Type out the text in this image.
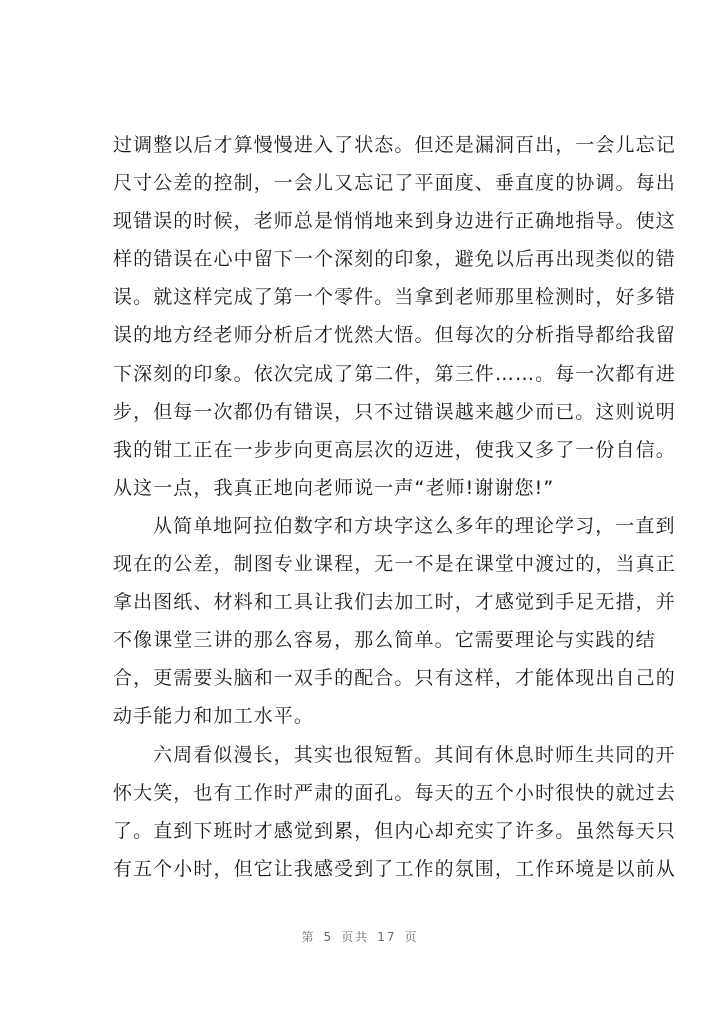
过调整以后才算慢慢进入了状态。但还是漏洞百出，一会儿忘记
尺寸公差的控制，一会儿又忘记了平面度、垂直度的协调。每出
现错误的时候，老师总是悄悄地来到身边进行正确地指导。使这
样的错误在心中留下一个深刻的印象，避免以后再出现类似的错
误。就这样完成了第一个零件。当拿到老师那里检测时，好多错
误的地方经老师分析后才恍然大悟。但每次的分析指导都给我留
下深刻的印象。依次完成了第二件，第三件……。每一次都有进
步，但每一次都仍有错误，只不过错误越来越少而已。这则说明
我的钳工正在一步步向更高层次的迈进，使我又多了一份自信。
从这一点，我真正地向老师说一声“老师!谢谢您!”
从简单地阿拉伯数字和方块字这么多年的理论学习，一直到
现在的公差，制图专业课程，无一不是在课堂中渡过的，当真正
拿出图纸、材料和工具让我们去加工时，才感觉到手足无措，并
不像课堂三讲的那么容易，那么简单。它需要理论与实践的结
合，更需要头脑和一双手的配合。只有这样，才能体现出自己的
动手能力和加工水平。
六周看似漫长，其实也很短暂。其间有休息时师生共同的开
怀大笑，也有工作时严肃的面孔。每天的五个小时很快的就过去
了。直到下班时才感觉到累，但内心却充实了许多。虽然每天只
有五个小时，但它让我感受到了工作的氛围，工作环境是以前从
第 5 页共 17 页
